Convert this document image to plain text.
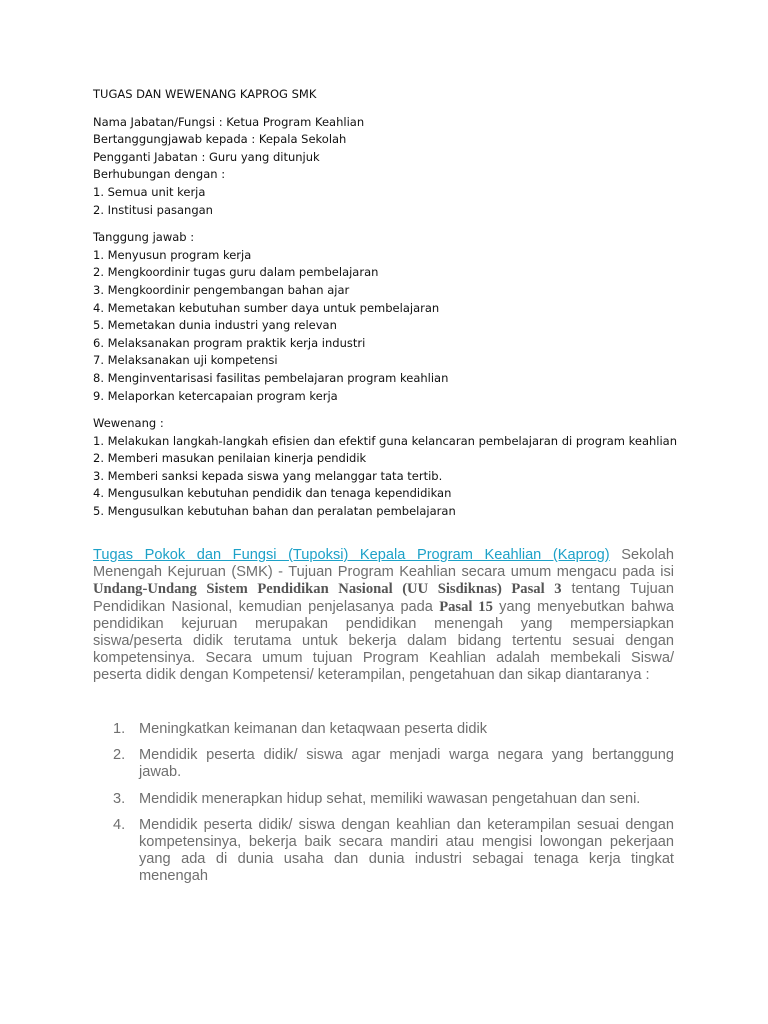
TUGAS DAN WEWENANG KAPROG SMK
Nama Jabatan/Fungsi : Ketua Program Keahlian
Bertanggungjawab kepada : Kepala Sekolah
Pengganti Jabatan : Guru yang ditunjuk
Berhubungan dengan :
1. Semua unit kerja
2. Institusi pasangan
Tanggung jawab :
1. Menyusun program kerja
2. Mengkoordinir tugas guru dalam pembelajaran
3. Mengkoordinir pengembangan bahan ajar
4. Memetakan kebutuhan sumber daya untuk pembelajaran
5. Memetakan dunia industri yang relevan
6. Melaksanakan program praktik kerja industri
7. Melaksanakan uji kompetensi
8. Menginventarisasi fasilitas pembelajaran program keahlian
9. Melaporkan ketercapaian program kerja
Wewenang :
1. Melakukan langkah-langkah efisien dan efektif guna kelancaran pembelajaran di program keahlian
2. Memberi masukan penilaian kinerja pendidik
3. Memberi sanksi kepada siswa yang melanggar tata tertib.
4. Mengusulkan kebutuhan pendidik dan tenaga kependidikan
5. Mengusulkan kebutuhan bahan dan peralatan pembelajaran

Tugas Pokok dan Fungsi (Tupoksi) Kepala Program Keahlian (Kaprog) Sekolah Menengah Kejuruan (SMK) - Tujuan Program Keahlian secara umum mengacu pada isi Undang-Undang Sistem Pendidikan Nasional (UU Sisdiknas) Pasal 3 tentang Tujuan Pendidikan Nasional, kemudian penjelasanya pada Pasal 15 yang menyebutkan bahwa pendidikan kejuruan merupakan pendidikan menengah yang mempersiapkan siswa/peserta didik terutama untuk bekerja dalam bidang tertentu sesuai dengan kompetensinya. Secara umum tujuan Program Keahlian adalah membekali Siswa/ peserta didik dengan Kompetensi/ keterampilan, pengetahuan dan sikap diantaranya :

1. Meningkatkan keimanan dan ketaqwaan peserta didik
2. Mendidik peserta didik/ siswa agar menjadi warga negara yang bertanggung jawab.
3. Mendidik menerapkan hidup sehat, memiliki wawasan pengetahuan dan seni.
4. Mendidik peserta didik/ siswa dengan keahlian dan keterampilan sesuai dengan kompetensinya, bekerja baik secara mandiri atau mengisi lowongan pekerjaan yang ada di dunia usaha dan dunia industri sebagai tenaga kerja tingkat menengah
